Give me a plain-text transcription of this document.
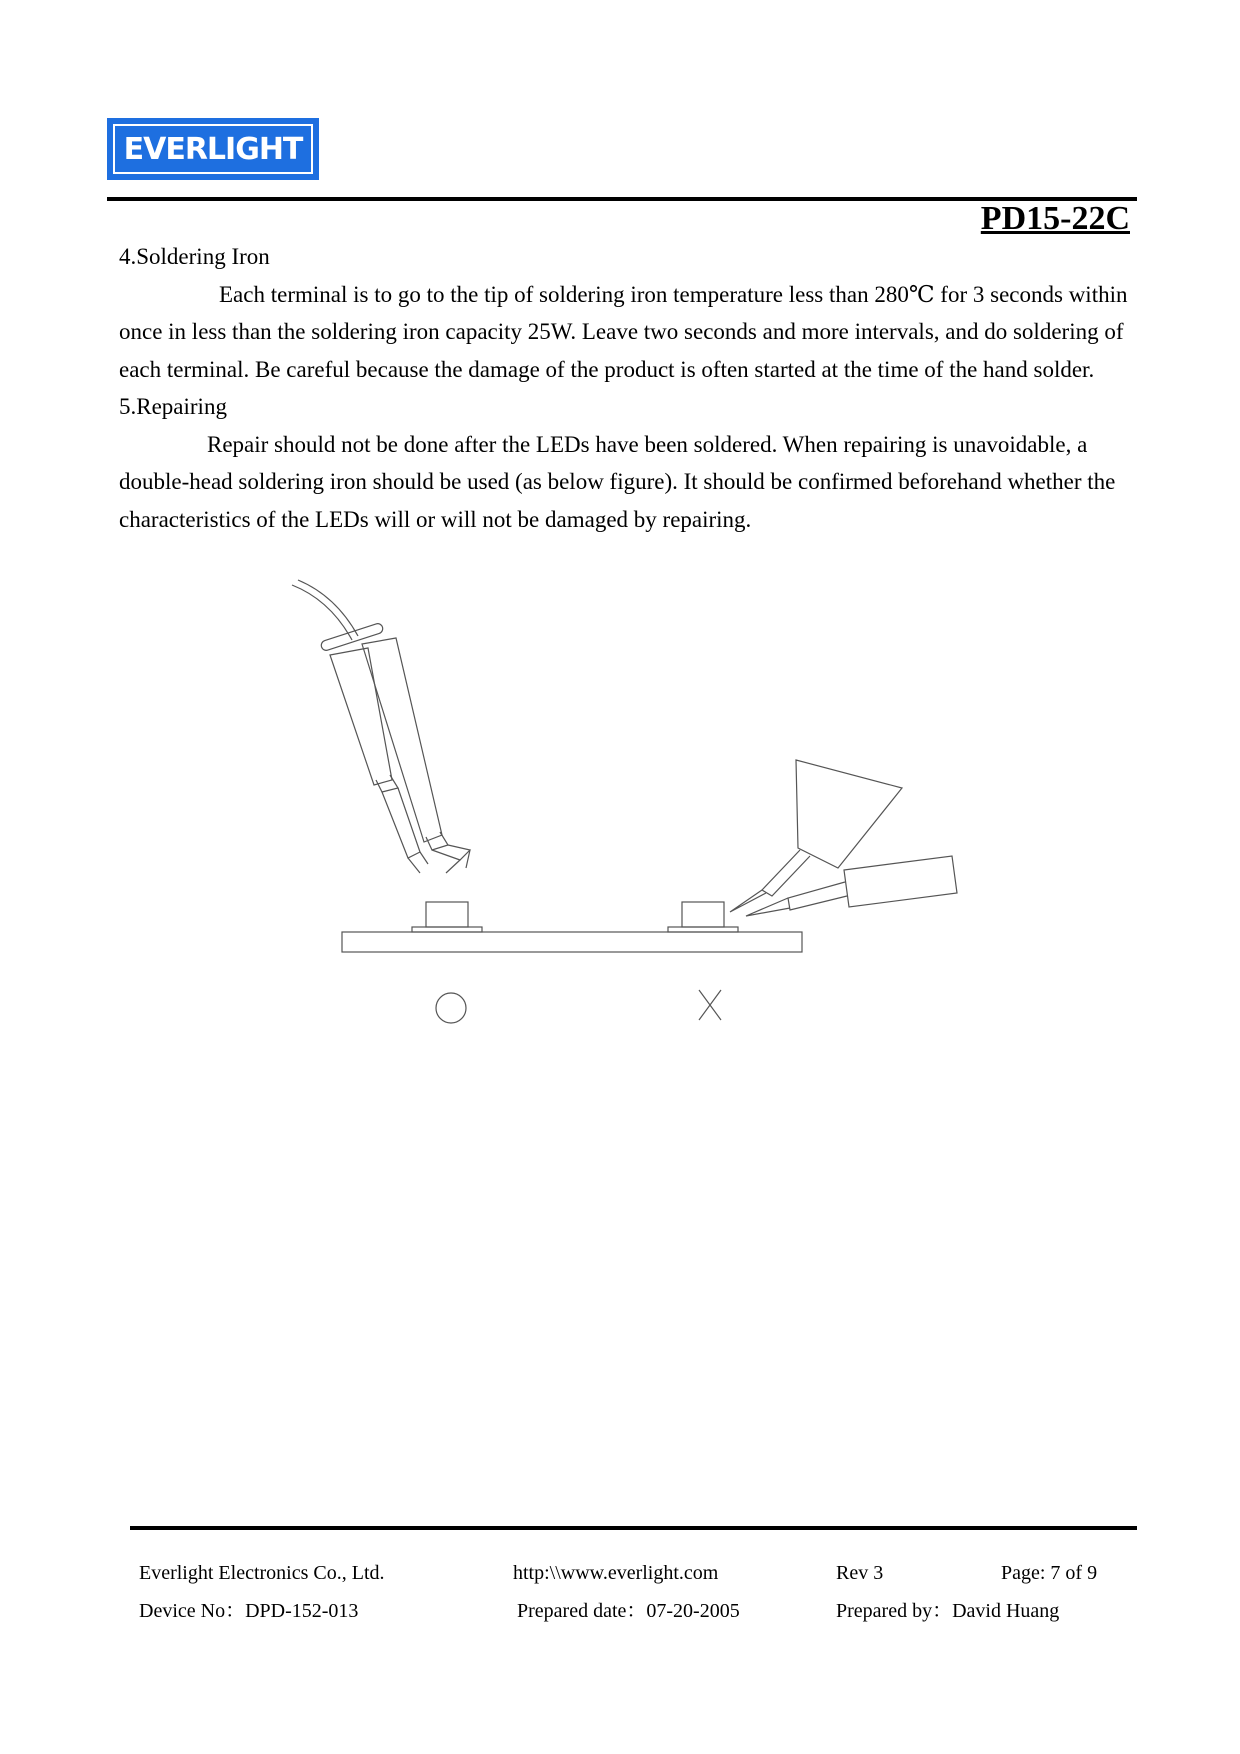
EVERLIGHT
PD15-22C

4.Soldering Iron

Each terminal is to go to the tip of soldering iron temperature less than 280℃ for 3 seconds within once in less than the soldering iron capacity 25W. Leave two seconds and more intervals, and do soldering of each terminal. Be careful because the damage of the product is often started at the time of the hand solder.

5.Repairing

Repair should not be done after the LEDs have been soldered. When repairing is unavoidable, a double-head soldering iron should be used (as below figure). It should be confirmed beforehand whether the characteristics of the LEDs will or will not be damaged by repairing.

Everlight Electronics Co., Ltd.	http:\\www.everlight.com	Rev 3	Page: 7 of 9
Device No：DPD-152-013	Prepared date：07-20-2005	Prepared by：David Huang
